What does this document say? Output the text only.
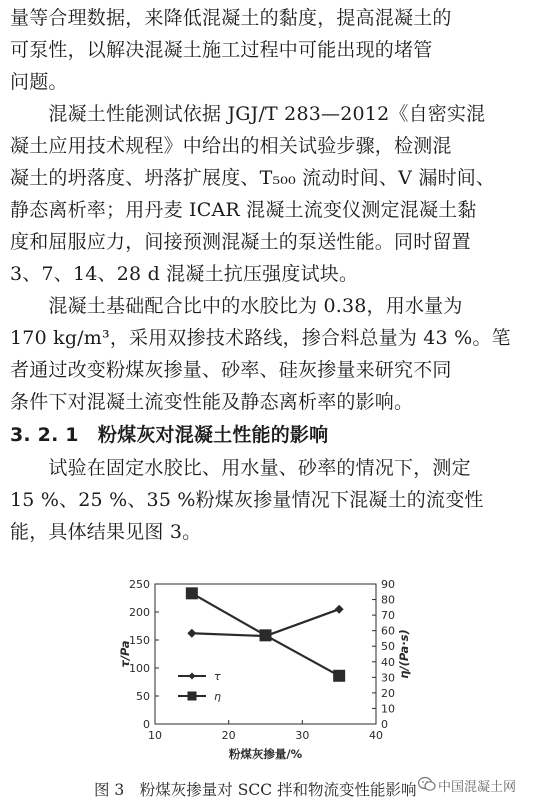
量等合理数据，来降低混凝土的黏度，提高混凝土的
可泵性，以解决混凝土施工过程中可能出现的堵管
问题。
　　混凝土性能测试依据 JGJ/T 283—2012《自密实混
凝土应用技术规程》中给出的相关试验步骤，检测混
凝土的坍落度、坍落扩展度、T₅₀₀ 流动时间、V 漏时间、
静态离析率；用丹麦 ICAR 混凝土流变仪测定混凝土黏
度和屈服应力，间接预测混凝土的泵送性能。同时留置
3、7、14、28 d 混凝土抗压强度试块。
　　混凝土基础配合比中的水胶比为 0.38，用水量为
170 kg/m³，采用双掺技术路线，掺合料总量为 43 %。笔
者通过改变粉煤灰掺量、砂率、硅灰掺量来研究不同
条件下对混凝土流变性能及静态离析率的影响。
3. 2. 1　粉煤灰对混凝土性能的影响
　　试验在固定水胶比、用水量、砂率的情况下，测定
15 %、25 %、35 %粉煤灰掺量情况下混凝土的流变性
能，具体结果见图 3。
10	20	30	40
0
50
100
150
200
250
0
10
20
30
40
50
60
70
80
90
粉煤灰掺量/%
τ/Pa	η/(Pa·s)
τ
η
图 3　粉煤灰掺量对 SCC 拌和物流变性能影响 中国混凝土网
